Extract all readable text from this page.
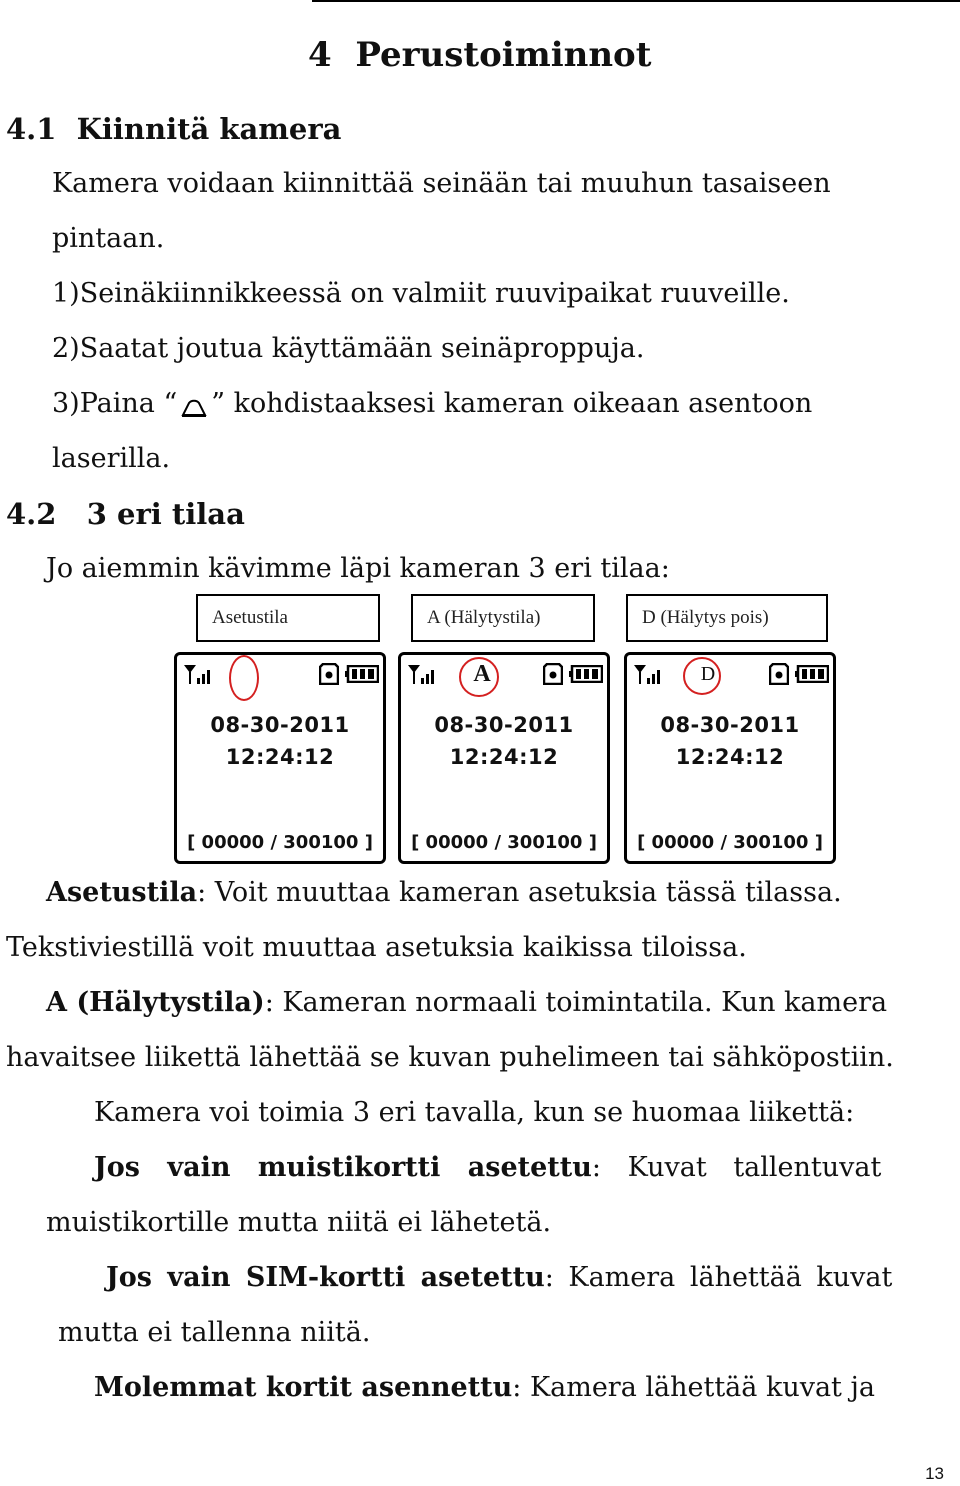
4 Perustoiminnot
4.1 Kiinnitä kamera
Kamera voidaan kiinnittää seinään tai muuhun tasaiseen
pintaan.
1)Seinäkiinnikkeessä on valmiit ruuvipaikat ruuveille.
2)Saatat joutua käyttämään seinäproppuja.
3)Paina “ ” kohdistaaksesi kameran oikeaan asentoon
laserilla.
4.2 3 eri tilaa
Jo aiemmin kävimme läpi kameran 3 eri tilaa:
Asetustila	A (Hälytystila)	D (Hälytys pois)
08-30-2011
12:24:12
[ 00000 / 300100 ]
A
08-30-2011
12:24:12
[ 00000 / 300100 ]
D
08-30-2011
12:24:12
[ 00000 / 300100 ]
Asetustila: Voit muuttaa kameran asetuksia tässä tilassa.
Tekstiviestillä voit muuttaa asetuksia kaikissa tiloissa.
A (Hälytystila): Kameran normaali toimintatila. Kun kamera
havaitsee liikettä lähettää se kuvan puhelimeen tai sähköpostiin.
Kamera voi toimia 3 eri tavalla, kun se huomaa liikettä:
Jos vain muistikortti asetettu: Kuvat tallentuvat
muistikortille mutta niitä ei lähetetä.
Jos vain SIM-kortti asetettu: Kamera lähettää kuvat
mutta ei tallenna niitä.
Molemmat kortit asennettu: Kamera lähettää kuvat ja
13
